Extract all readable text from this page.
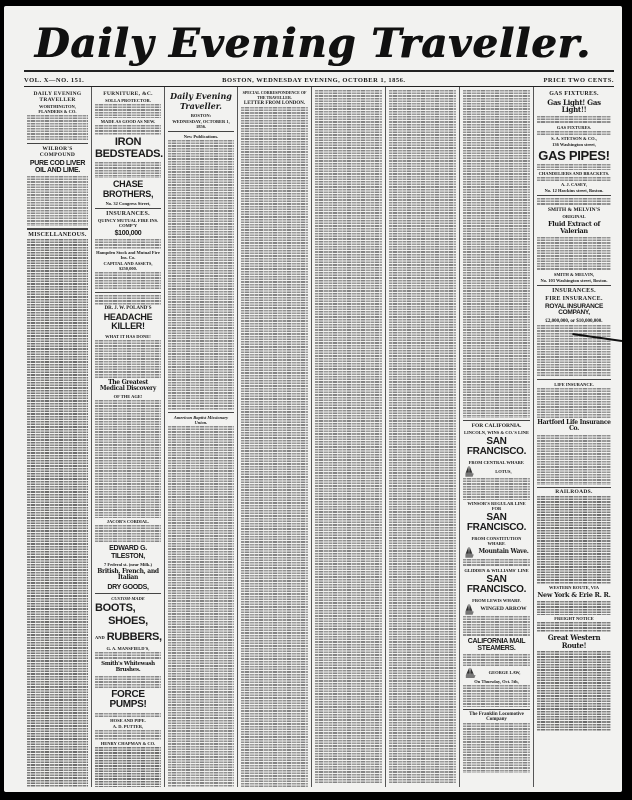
Daily Evening Traveller.
VOL. X—NO. 151.	BOSTON, WEDNESDAY EVENING, OCTOBER 1, 1856.	PRICE TWO CENTS.
DAILY EVENING TRAVELLER
WORTHINGTON, FLANDERS & CO.
WILBOR'S COMPOUND
PURE COD LIVER OIL AND LIME.
MISCELLANEOUS.
FURNITURE, &C.
SOLLA PROTECTOR.
MADE AS GOOD AS NEW.
IRON BEDSTEADS.
CHASE BROTHERS,
No. 32 Congress Street,
INSURANCES.
QUINCY MUTUAL FIRE INS. COMP'Y
$100,000
Hampden Stock and Mutual Fire Ins. Co.
CAPITAL AND ASSETS, $250,000.
DR. J. W. POLAND'S
HEADACHE KILLER!
WHAT IT HAS DONE!
The Greatest Medical Discovery
OF THE AGE!
JACOB'S CORDIAL.
EDWARD G. TILESTON,
7 Federal st. (near Milk.)
British, French, and Italian
DRY GOODS,
CUSTOM-MADE
BOOTS,
SHOES,
AND RUBBERS,
G. A. MANSFIELD'S,
Smith's Whitewash Brushes.
FORCE PUMPS!
HOSE AND PIPE.
A. D. PUTTER,
HENRY CHAPMAN & CO.
Daily Evening Traveller.
BOSTON:
WEDNESDAY, OCTOBER 1, 1856.
New Publications.
American Baptist Missionary Union.
SPECIAL CORRESPONDENCE OF THE TRAVELLER.
LETTER FROM LONDON.
FOR CALIFORNIA.
LINCOLN, WINS & CO.'S LINE
SAN FRANCISCO.
FROM CENTRAL WHARF.
LOTUS,
WINSOR'S REGULAR LINE FOR
SAN FRANCISCO.
FROM CONSTITUTION WHARF.
Mountain Wave.
GLIDDEN & WILLIAMS' LINE
SAN FRANCISCO.
FROM LEWIS WHARF.
WINGED ARROW
CALIFORNIA MAIL STEAMERS.
GEORGE LAW,
On Thursday, Oct. 5th,
The Franklin Locomotive Company
GAS FIXTURES.
Gas Light! Gas Light!!
GAS FIXTURES.
S. A. STETSON & CO.,
136 Washington street,
GAS PIPES!
CHANDELIERS AND BRACKETS.
A. J. CASEY,
No. 12 Hawkins street, Boston.
SMITH & MELVIN'S
ORIGINAL
Fluid Extract of Valerian
SMITH & MELVIN,
No. 103 Washington street, Boston.
INSURANCES.
FIRE INSURANCE.
ROYAL INSURANCE COMPANY,
£2,000,000, or $10,000,000.
LIFE INSURANCE.
Hartford Life Insurance Co.
RAILROADS.
WESTERN ROUTE, VIA
New York & Erie R. R.
FREIGHT NOTICE
Great Western Route!
